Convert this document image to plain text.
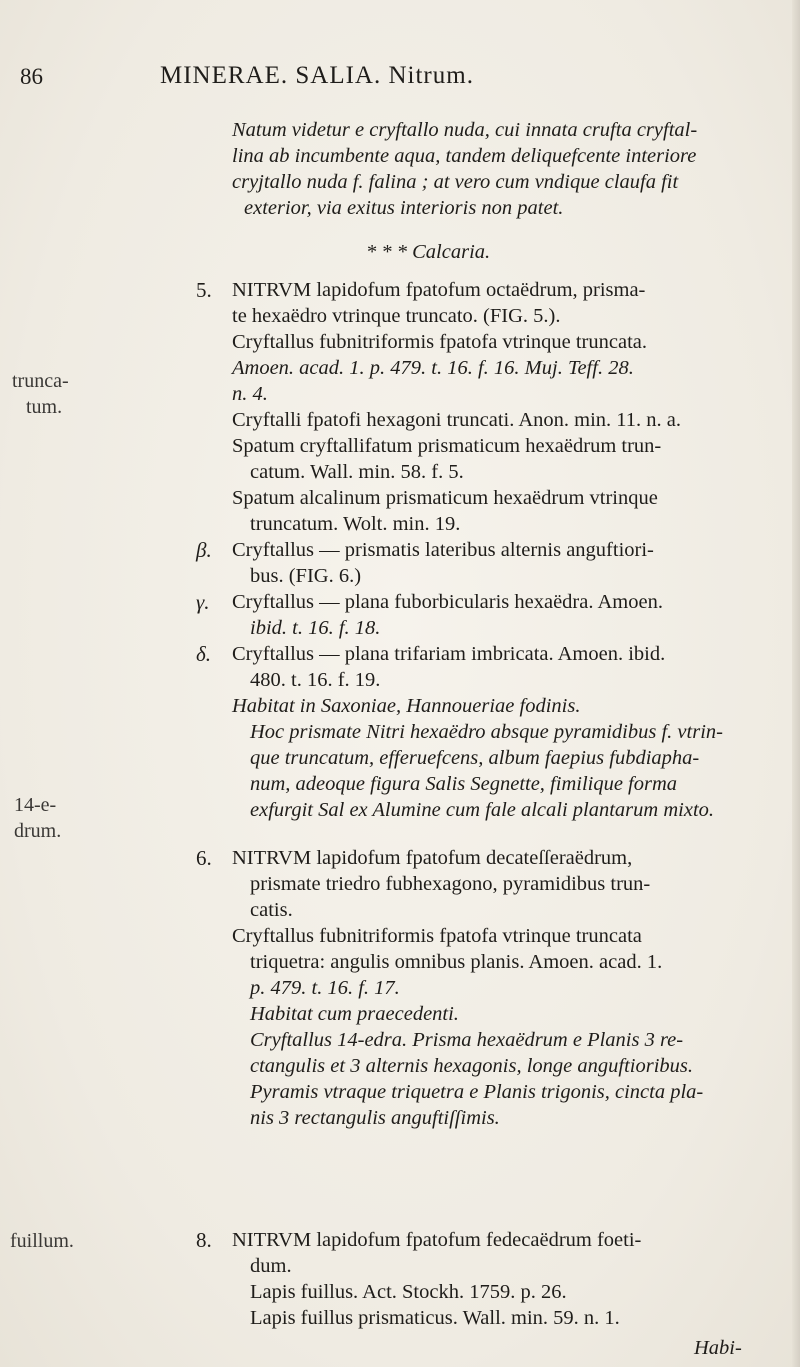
86	MINERAE. SALIA. Nitrum.
trunca-
tum.
14-e-
drum.
fuillum.
Natum videtur e cryftallo nuda, cui innata crufta cryftal-
lina ab incumbente aqua, tandem deliquefcente interiore
cryjtallo nuda f. falina ; at vero cum vndique claufa fit
exterior, via exitus interioris non patet.
* * * Calcaria.
5. NITRVM lapidofum fpatofum octaëdrum, prisma-
te hexaëdro vtrinque truncato. (FIG. 5.).
Cryftallus fubnitriformis fpatofa vtrinque truncata.
Amoen. acad. 1. p. 479. t. 16. f. 16. Muj. Teff. 28.
n. 4.
Cryftalli fpatofi hexagoni truncati. Anon. min. 11. n. a.
Spatum cryftallifatum prismaticum hexaëdrum trun-
catum. Wall. min. 58. f. 5.
Spatum alcalinum prismaticum hexaëdrum vtrinque
truncatum. Wolt. min. 19.
β. Cryftallus — prismatis lateribus alternis anguftiori-
bus. (FIG. 6.)
γ. Cryftallus — plana fuborbicularis hexaëdra. Amoen.
ibid. t. 16. f. 18.
δ. Cryftallus — plana trifariam imbricata. Amoen. ibid.
480. t. 16. f. 19.
Habitat in Saxoniae, Hannoueriae fodinis.
Hoc prismate Nitri hexaëdro absque pyramidibus f. vtrin-
que truncatum, efferuefcens, album faepius fubdiapha-
num, adeoque figura Salis Segnette, fimilique forma
exfurgit Sal ex Alumine cum fale alcali plantarum mixto.
6. NITRVM lapidofum fpatofum decateſſeraëdrum,
prismate triedro fubhexagono, pyramidibus trun-
catis.
Cryftallus fubnitriformis fpatofa vtrinque truncata
triquetra: angulis omnibus planis. Amoen. acad. 1.
p. 479. t. 16. f. 17.
Habitat cum praecedenti.
Cryftallus 14-edra. Prisma hexaëdrum e Planis 3 re-
ctangulis et 3 alternis hexagonis, longe anguftioribus.
Pyramis vtraque triquetra e Planis trigonis, cincta pla-
nis 3 rectangulis anguftiſſimis.
8. NITRVM lapidofum fpatofum fedecaëdrum foeti-
dum.
Lapis fuillus. Act. Stockh. 1759. p. 26.
Lapis fuillus prismaticus. Wall. min. 59. n. 1.
Habi-
